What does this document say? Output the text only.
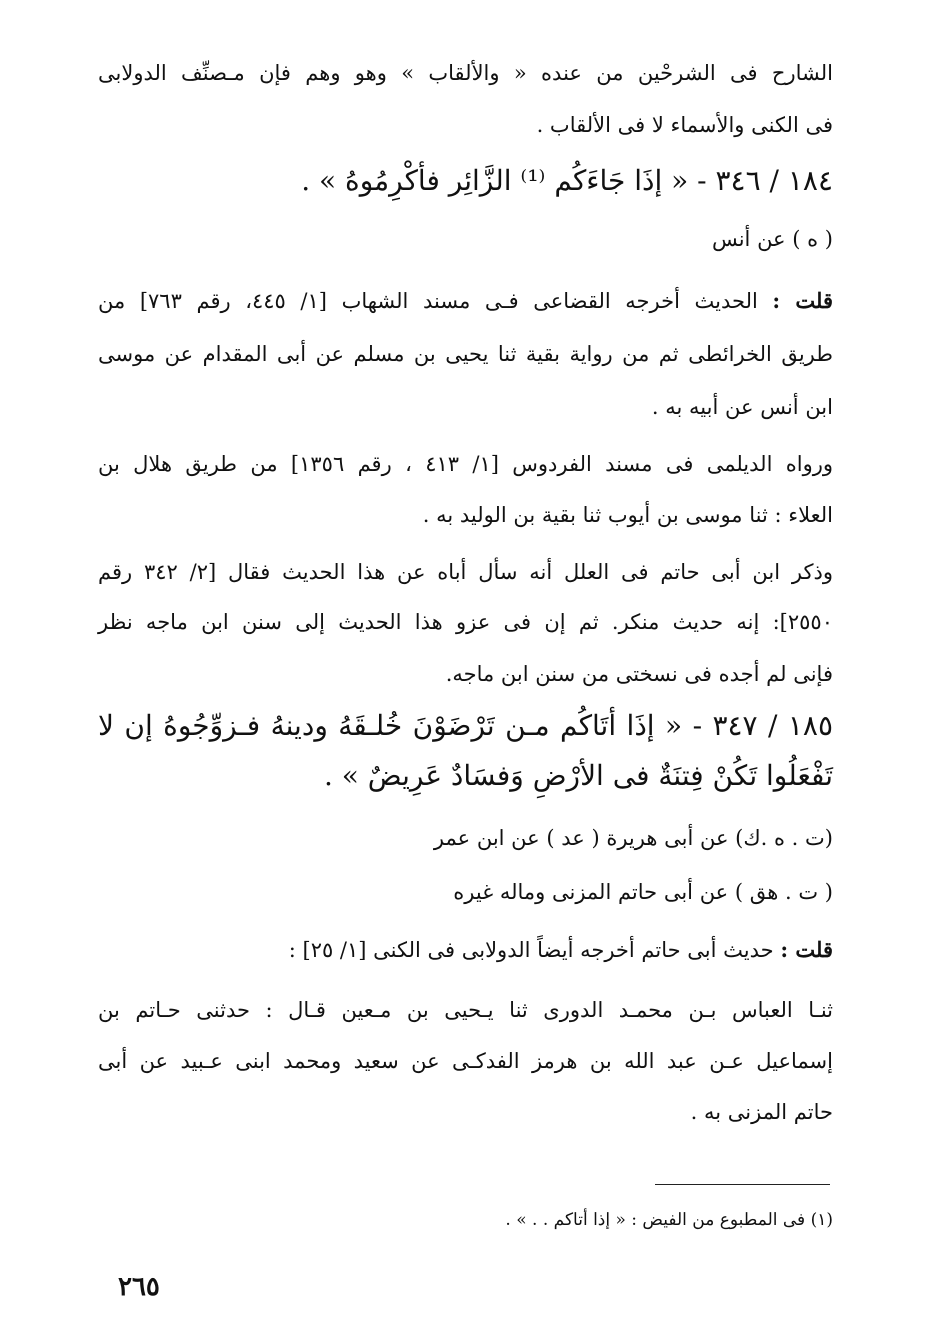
الشارح فى الشرحْين من عنده « والألقاب » وهو وهم فإن مـصنِّف الدولابى
فى الكنى والأسماء لا فى الألقاب .
١٨٤ / ٣٤٦ - « إذَا جَاءَكُم ⁽¹⁾ الزَّائِر فأكْرِمُوهُ » .
( ه ) عن أنس
قلت : الحديث أخرجه القضاعى فـى مسند الشهاب [١/ ٤٤٥، رقم ٧٦٣] من
طريق الخرائطى ثم من رواية بقية ثنا يحيى بن مسلم عن أبى المقدام عن موسى
ابن أنس عن أبيه به .
ورواه الديلمى فى مسند الفردوس [١/ ٤١٣ ، رقم ١٣٥٦] من طريق هلال بن
العلاء : ثنا موسى بن أيوب ثنا بقية بن الوليد به .
وذكر ابن أبى حاتم فى العلل أنه سأل أباه عن هذا الحديث فقال [٢/ ٣٤٢ رقم
٢٥٥٠]: إنه حديث منكر. ثم إن فى عزو هذا الحديث إلى سنن ابن ماجه نظر
فإنى لم أجده فى نسختى من سنن ابن ماجه.
١٨٥ / ٣٤٧ - « إذَا أتَاكُم مـن تَرْضَوْنَ خُلـقَهُ ودينهُ فـزوِّجُوهُ إن لا
تَفْعَلُوا تَكُنْ فِتنَةٌ فى الأرْضِ وَفسَادٌ عَرِيضٌ » .
(ت . ه .ك) عن أبى هريرة ( عد ) عن ابن عمر
( ت . هق ) عن أبى حاتم المزنى وماله غيره
قلت : حديث أبى حاتم أخرجه أيضاً الدولابى فى الكنى [١/ ٢٥] :
ثنـا العباس بـن محمـد الدورى ثنا يـحيى بن مـعين قـال : حدثنى حـاتم بن
إسماعيل عـن عبد الله بن هرمز الفدكـى عن سعيد ومحمد ابنى عـبيد عن أبى
حاتم المزنى به .
(١) فى المطبوع من الفيض : « إذا أتاكم . . » .
٢٦٥
